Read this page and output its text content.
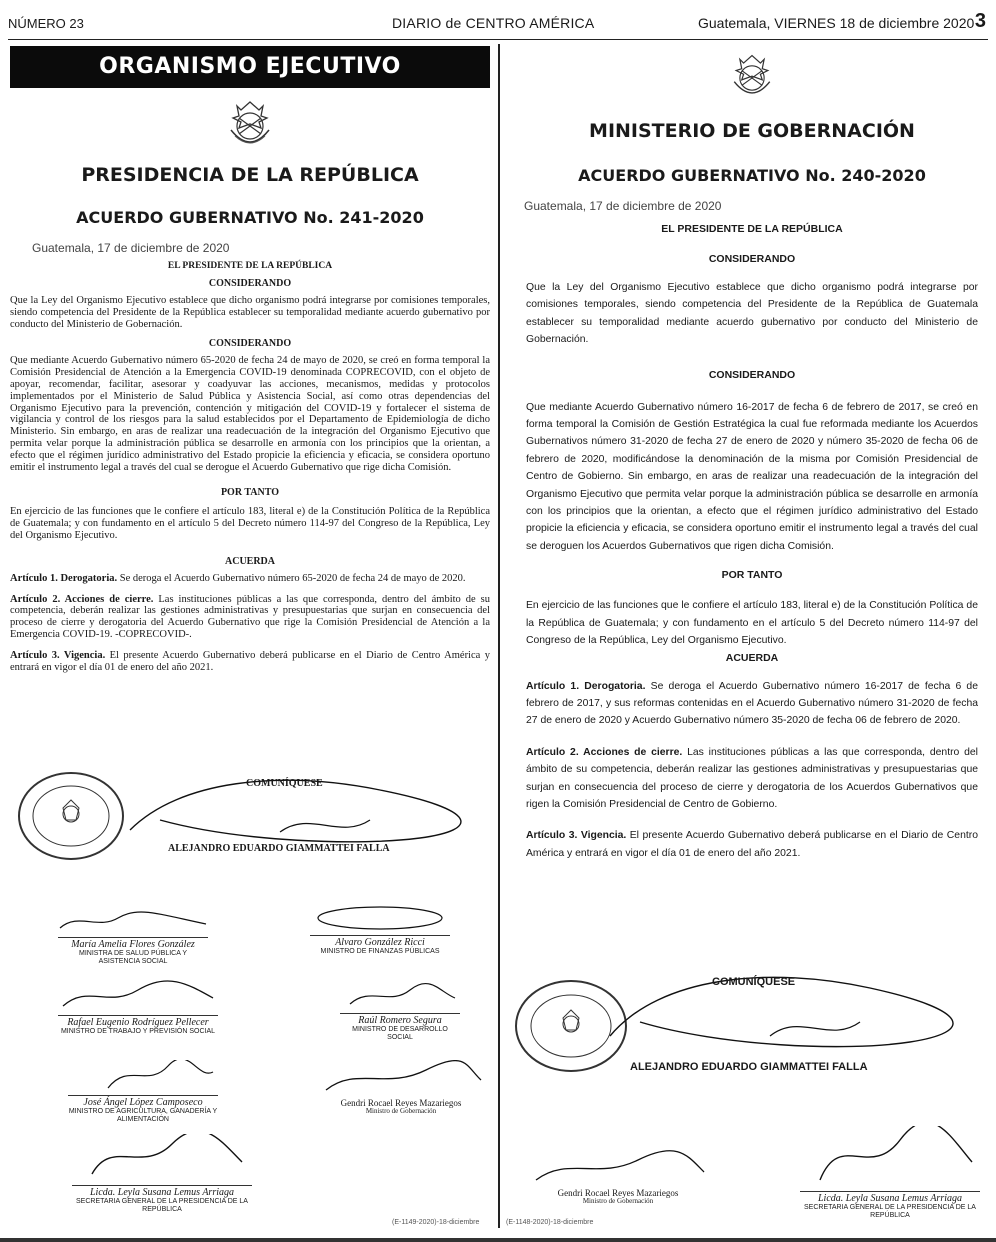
NÚMERO 23	DIARIO de CENTRO AMÉRICA	Guatemala, VIERNES 18 de diciembre 2020 3
ORGANISMO EJECUTIVO
PRESIDENCIA DE LA REPÚBLICA
ACUERDO GUBERNATIVO No. 241-2020
Guatemala, 17 de diciembre de 2020
EL PRESIDENTE DE LA REPÚBLICA
CONSIDERANDO

Que la Ley del Organismo Ejecutivo establece que dicho organismo podrá integrarse por comisiones temporales, siendo competencia del Presidente de la República establecer su temporalidad mediante acuerdo gubernativo por conducto del Ministerio de Gobernación.

CONSIDERANDO

Que mediante Acuerdo Gubernativo número 65-2020 de fecha 24 de mayo de 2020, se creó en forma temporal la Comisión Presidencial de Atención a la Emergencia COVID-19 denominada COPRECOVID, con el objeto de apoyar, recomendar, facilitar, asesorar y coadyuvar las acciones, mecanismos, medidas y protocolos implementados por el Ministerio de Salud Pública y Asistencia Social, así como otras dependencias del Organismo Ejecutivo para la prevención, contención y mitigación del COVID-19 y fortalecer el sistema de vigilancia y control de los riesgos para la salud establecidos por el Departamento de Epidemiología de dicho Ministerio. Sin embargo, en aras de realizar una readecuación de la integración del Organismo Ejecutivo que permita velar porque la administración pública se desarrolle en armonía con los principios que la orientan, a efecto que el régimen jurídico administrativo del Estado propicie la eficiencia y eficacia, se considera oportuno emitir el instrumento legal a través del cual se derogue el Acuerdo Gubernativo que rige dicha Comisión.

POR TANTO

En ejercicio de las funciones que le confiere el artículo 183, literal e) de la Constitución Política de la República de Guatemala; y con fundamento en el artículo 5 del Decreto número 114-97 del Congreso de la República, Ley del Organismo Ejecutivo.

ACUERDA

Artículo 1. Derogatoria. Se deroga el Acuerdo Gubernativo número 65-2020 de fecha 24 de mayo de 2020.

Artículo 2. Acciones de cierre. Las instituciones públicas a las que corresponda, dentro del ámbito de su competencia, deberán realizar las gestiones administrativas y presupuestarias que surjan en consecuencia del proceso de cierre y derogatoria del Acuerdo Gubernativo que rige la Comisión Presidencial de Atención a la Emergencia COVID-19. -COPRECOVID-.

Artículo 3. Vigencia. El presente Acuerdo Gubernativo deberá publicarse en el Diario de Centro América y entrará en vigor el día 01 de enero del año 2021.

COMUNÍQUESE
ALEJANDRO EDUARDO GIAMMATTEI FALLA
María Amelia Flores González
MINISTRA DE SALUD PÚBLICA Y ASISTENCIA SOCIAL
Alvaro González Ricci
MINISTRO DE FINANZAS PÚBLICAS
Rafael Eugenio Rodríguez Pellecer
MINISTRO DE TRABAJO Y PREVISIÓN SOCIAL
Raúl Romero Segura
MINISTRO DE DESARROLLO SOCIAL
José Ángel López Camposeco
MINISTRO DE AGRICULTURA, GANADERÍA Y ALIMENTACIÓN
Gendri Rocael Reyes Mazariegos
Ministro de Gobernación
Licda. Leyla Susana Lemus Arriaga
SECRETARIA GENERAL DE LA PRESIDENCIA DE LA REPÚBLICA
(E-1149-2020)-18-diciembre
MINISTERIO DE GOBERNACIÓN
ACUERDO GUBERNATIVO No. 240-2020
Guatemala, 17 de diciembre de 2020
EL PRESIDENTE DE LA REPÚBLICA
CONSIDERANDO

Que la Ley del Organismo Ejecutivo establece que dicho organismo podrá integrarse por comisiones temporales, siendo competencia del Presidente de la República de Guatemala establecer su temporalidad mediante acuerdo gubernativo por conducto del Ministerio de Gobernación.

CONSIDERANDO

Que mediante Acuerdo Gubernativo número 16-2017 de fecha 6 de febrero de 2017, se creó en forma temporal la Comisión de Gestión Estratégica la cual fue reformada mediante los Acuerdos Gubernativos número 31-2020 de fecha 27 de enero de 2020 y número 35-2020 de fecha 06 de febrero de 2020, modificándose la denominación de la misma por Comisión Presidencial de Centro de Gobierno. Sin embargo, en aras de realizar una readecuación de la integración del Organismo Ejecutivo que permita velar porque la administración pública se desarrolle en armonía con los principios que la orientan, a efecto que el régimen jurídico administrativo del Estado propicie la eficiencia y eficacia, se considera oportuno emitir el instrumento legal a través del cual se deroguen los Acuerdos Gubernativos que rigen dicha Comisión.

POR TANTO

En ejercicio de las funciones que le confiere el artículo 183, literal e) de la Constitución Política de la República de Guatemala; y con fundamento en el artículo 5 del Decreto número 114-97 del Congreso de la República, Ley del Organismo Ejecutivo.

ACUERDA

Artículo 1. Derogatoria. Se deroga el Acuerdo Gubernativo número 16-2017 de fecha 6 de febrero de 2017, y sus reformas contenidas en el Acuerdo Gubernativo número 31-2020 de fecha 27 de enero de 2020 y Acuerdo Gubernativo número 35-2020 de fecha 06 de febrero de 2020.

Artículo 2. Acciones de cierre. Las instituciones públicas a las que corresponda, dentro del ámbito de su competencia, deberán realizar las gestiones administrativas y presupuestarias que surjan en consecuencia del proceso de cierre y derogatoria de los Acuerdos Gubernativos que rigen la Comisión Presidencial de Centro de Gobierno.

Artículo 3. Vigencia. El presente Acuerdo Gubernativo deberá publicarse en el Diario de Centro América y entrará en vigor el día 01 de enero del año 2021.

COMUNÍQUESE
ALEJANDRO EDUARDO GIAMMATTEI FALLA
Gendri Rocael Reyes Mazariegos
Ministro de Gobernación	Licda. Leyla Susana Lemus Arriaga
SECRETARIA GENERAL DE LA PRESIDENCIA DE LA REPÚBLICA
(E-1148-2020)-18-diciembre
